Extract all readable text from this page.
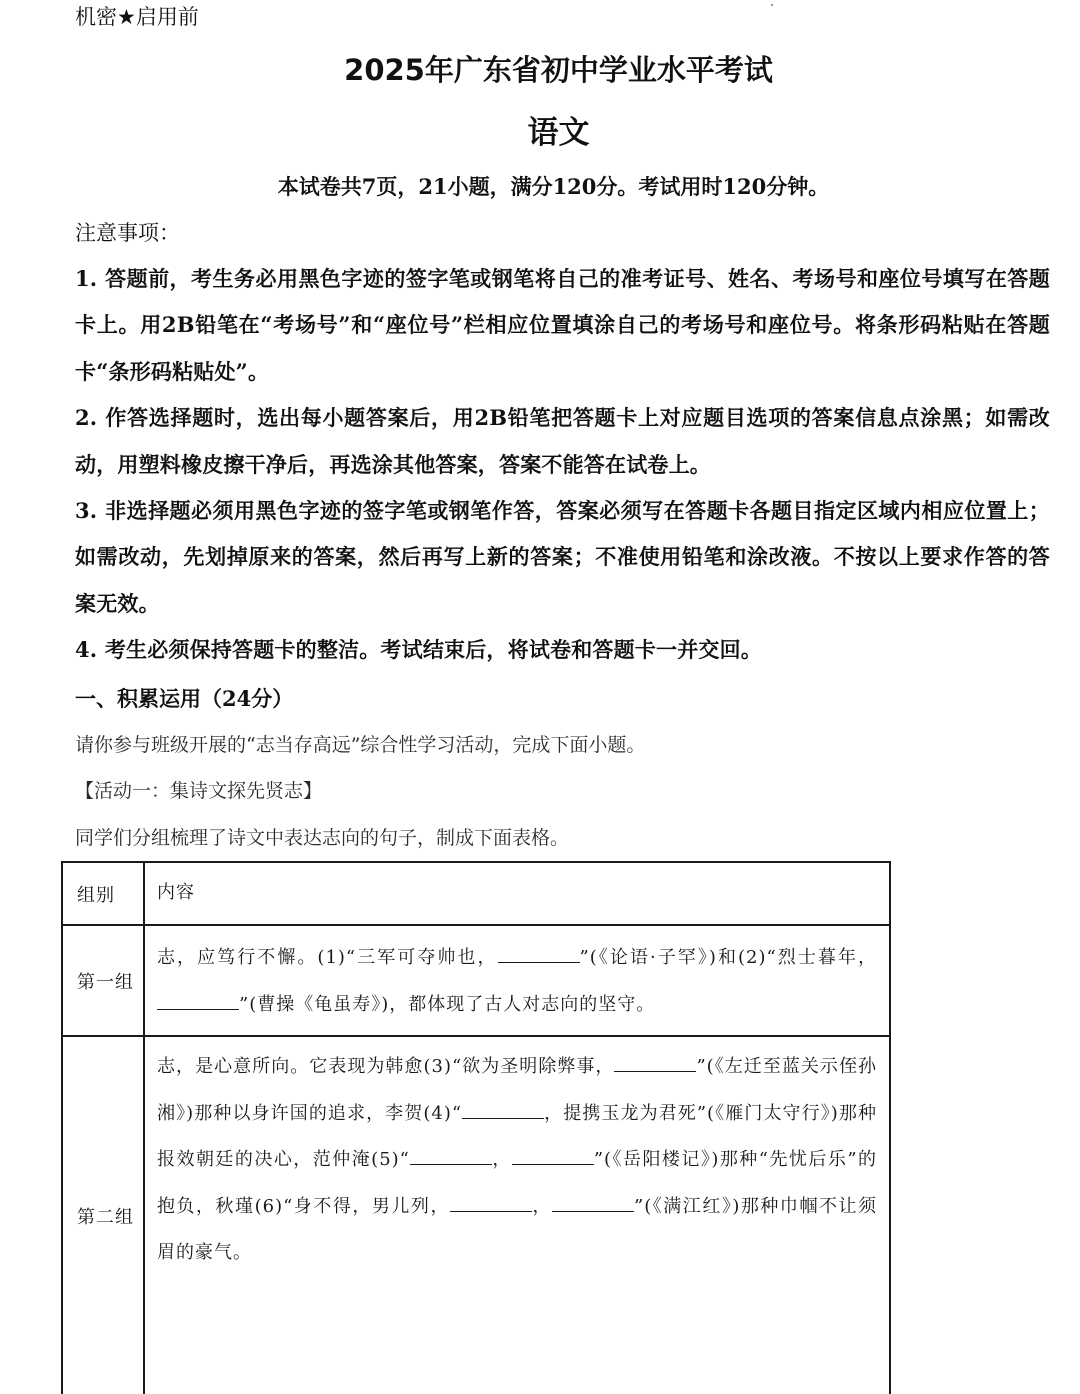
机密★启用前
2025年广东省初中学业水平考试
语文
本试卷共7页，21小题，满分120分。考试用时120分钟。
注意事项：
1. 答题前，考生务必用黑色字迹的签字笔或钢笔将自己的准考证号、姓名、考场号和座位号填写在答题卡上。用2B铅笔在“考场号”和“座位号”栏相应位置填涂自己的考场号和座位号。将条形码粘贴在答题卡“条形码粘贴处”。
2. 作答选择题时，选出每小题答案后，用2B铅笔把答题卡上对应题目选项的答案信息点涂黑；如需改动，用塑料橡皮擦干净后，再选涂其他答案，答案不能答在试卷上。
3. 非选择题必须用黑色字迹的签字笔或钢笔作答，答案必须写在答题卡各题目指定区域内相应位置上；如需改动，先划掉原来的答案，然后再写上新的答案；不准使用铅笔和涂改液。不按以上要求作答的答案无效。
4. 考生必须保持答题卡的整洁。考试结束后，将试卷和答题卡一并交回。
一、积累运用（24分）
请你参与班级开展的“志当存高远”综合性学习活动，完成下面小题。
【活动一：集诗文探先贤志】
同学们分组梳理了诗文中表达志向的句子，制成下面表格。
组别	内容
第一组	志，应笃行不懈。(1)“三军可夺帅也， ”(《论语·子罕》)和(2)“烈士暮年，”(曹操《龟虽寿》)，都体现了古人对志向的坚守。
第二组	志，是心意所向。它表现为韩愈(3)“欲为圣明除弊事， ”(《左迁至蓝关示侄孙湘》)那种以身许国的追求，李贺(4)“ ，提携玉龙为君死”(《雁门太守行》)那种报效朝廷的决心，范仲淹(5)“ ， ”(《岳阳楼记》)那种“先忧后乐”的抱负，秋瑾(6)“身不得，男儿列， ， ”(《满江红》)那种巾帼不让须眉的豪气。
